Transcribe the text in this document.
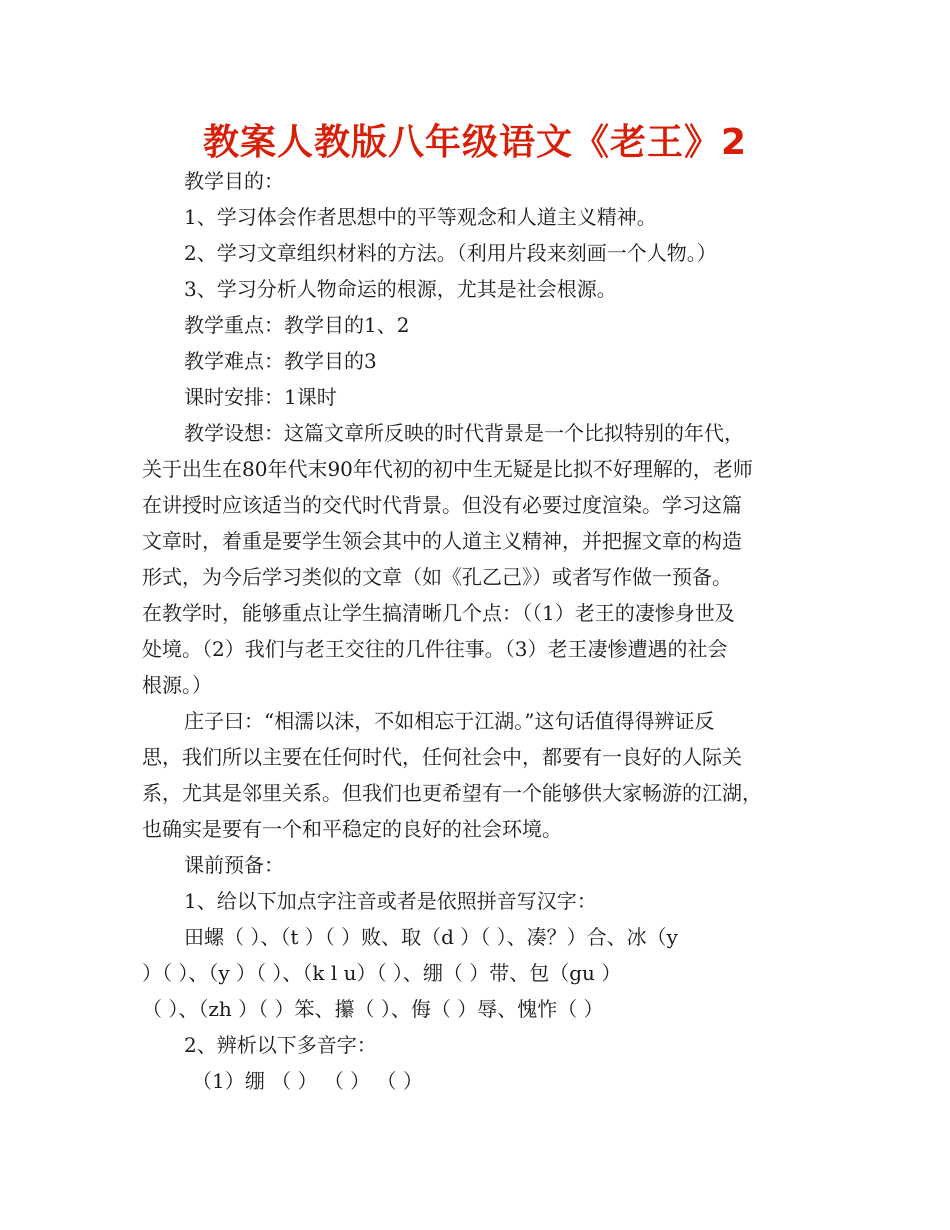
教案人教版八年级语文《老王》2
教学目的：
1、学习体会作者思想中的平等观念和人道主义精神。
2、学习文章组织材料的方法。（利用片段来刻画一个人物。）
3、学习分析人物命运的根源，尤其是社会根源。
教学重点：教学目的1、2
教学难点：教学目的3
课时安排：1课时
教学设想：这篇文章所反映的时代背景是一个比拟特别的年代，
关于出生在80年代末90年代初的初中生无疑是比拟不好理解的，老师
在讲授时应该适当的交代时代背景。但没有必要过度渲染。学习这篇
文章时，着重是要学生领会其中的人道主义精神，并把握文章的构造
形式，为今后学习类似的文章（如《孔乙己》）或者写作做一预备。
在教学时，能够重点让学生搞清晰几个点：（（1）老王的凄惨身世及
处境。（2）我们与老王交往的几件往事。（3）老王凄惨遭遇的社会
根源。）
庄子曰：“相濡以沫，不如相忘于江湖。”这句话值得得辨证反
思，我们所以主要在任何时代，任何社会中，都要有一良好的人际关
系，尤其是邻里关系。但我们也更希望有一个能够供大家畅游的江湖，
也确实是要有一个和平稳定的良好的社会环境。
课前预备：
1、给以下加点字注音或者是依照拼音写汉字：
田螺（ ）、（t ）（ ）败、取（d ）（ ）、凑？）合、冰（y
）（ ）、（y ）（ ）、（k l u）（ ）、绷（ ）带、包（gu ）
（ ）、（zh ）（ ）笨、攥（ ）、侮（ ）辱、愧怍（ ）
2、辨析以下多音字：
（1）绷 （ ） （ ） （ ）
